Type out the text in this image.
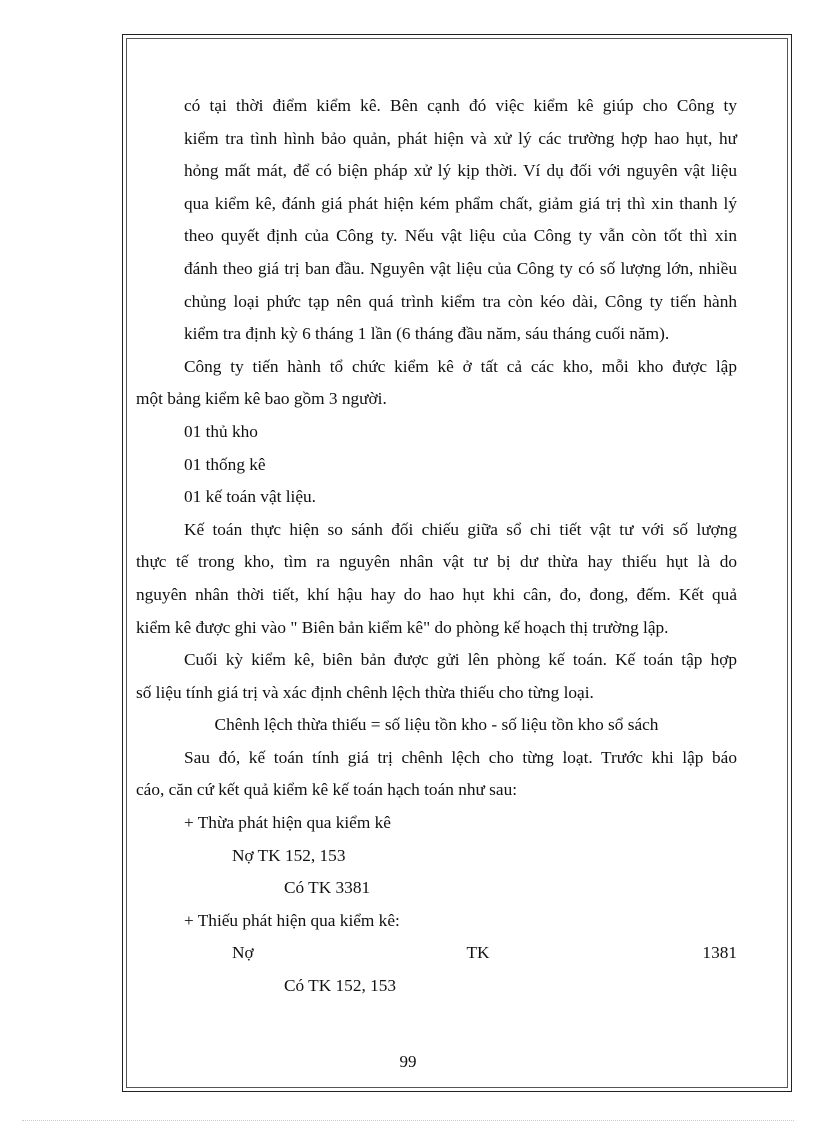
có tại thời điểm kiểm kê. Bên cạnh đó việc kiểm kê giúp cho Công ty
kiểm tra tình hình bảo quản, phát hiện và xử lý các trường hợp hao hụt, hư
hỏng mất mát, để có biện pháp xử lý kịp thời. Ví dụ đối với nguyên vật liệu
qua kiểm kê, đánh giá phát hiện kém phẩm chất, giảm giá trị thì xin thanh lý
theo quyết định của Công ty. Nếu vật liệu của Công ty vẫn còn tốt thì xin
đánh theo giá trị ban đầu. Nguyên vật liệu của Công ty có số lượng lớn, nhiều
chủng loại phức tạp nên quá trình kiểm tra còn kéo dài, Công ty tiến hành
kiểm tra định kỳ 6 tháng 1 lần (6 tháng đầu năm, sáu tháng cuối năm).

Công ty tiến hành tổ chức kiểm kê ở tất cả các kho, mỗi kho được lập
một bảng kiểm kê bao gồm 3 người.

01 thủ kho

01 thống kê

01 kế toán vật liệu.

Kế toán thực hiện so sánh đối chiếu giữa sổ chi tiết vật tư với số lượng
thực tế trong kho, tìm ra nguyên nhân vật tư bị dư thừa hay thiếu hụt là do
nguyên nhân thời tiết, khí hậu hay do hao hụt khi cân, đo, đong, đếm. Kết quả
kiểm kê được ghi vào " Biên bản kiểm kê" do phòng kế hoạch thị trường lập.

Cuối kỳ kiểm kê, biên bản được gửi lên phòng kế toán. Kế toán tập hợp
số liệu tính giá trị và xác định chênh lệch thừa thiếu cho từng loại.

Chênh lệch thừa thiếu = số liệu tồn kho - số liệu tồn kho sổ sách

Sau đó, kế toán tính giá trị chênh lệch cho từng loạt. Trước khi lập báo
cáo, căn cứ kết quả kiểm kê kế toán hạch toán như sau:

+ Thừa phát hiện qua kiểm kê

Nợ TK 152, 153

Có TK 3381

+ Thiếu phát hiện qua kiểm kê:

Nợ	TK	1381

Có TK 152, 153

99
